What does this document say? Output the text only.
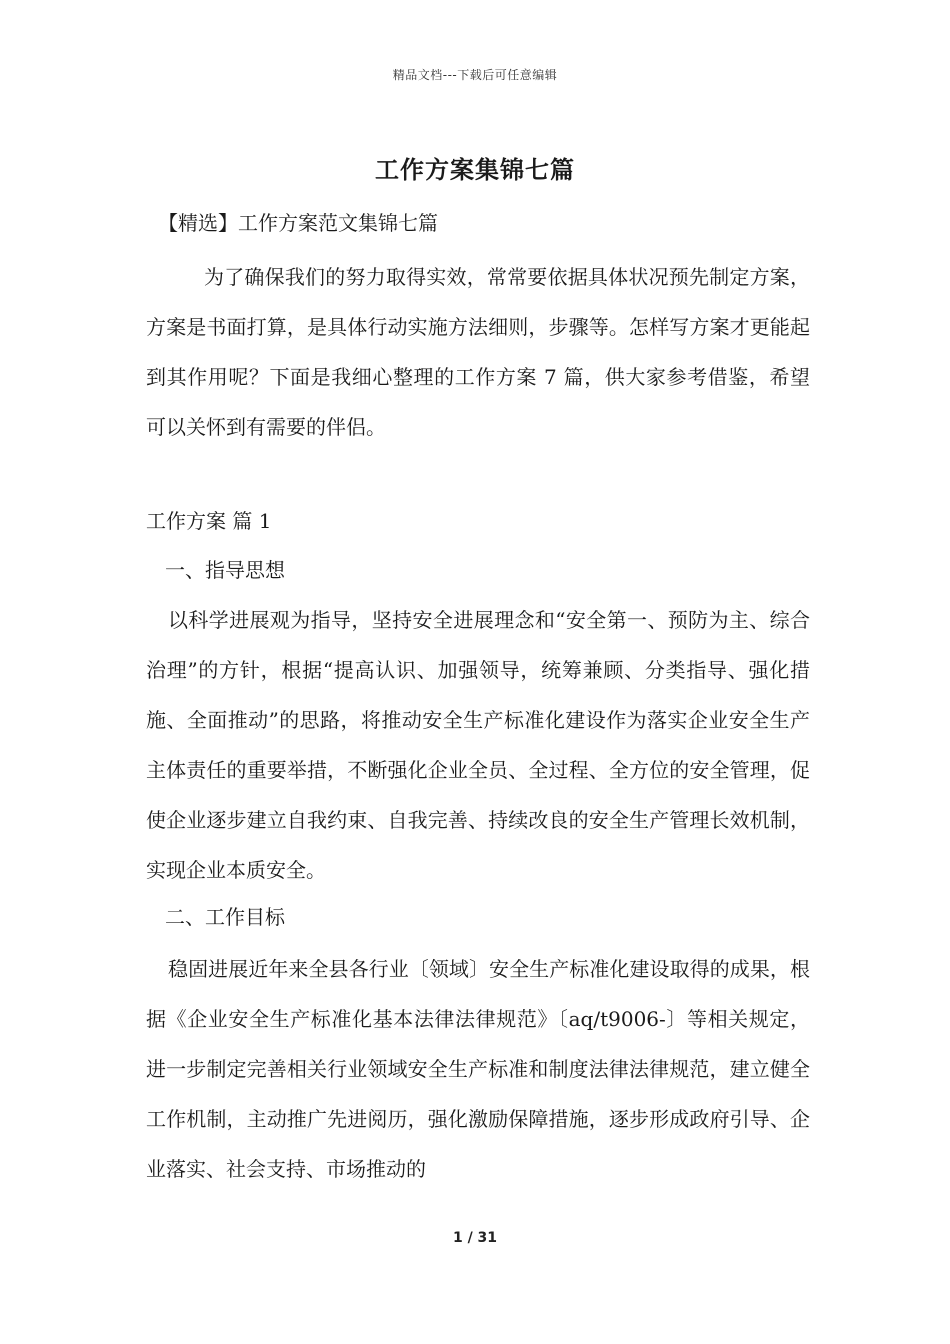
精品文档---下载后可任意编辑
工作方案集锦七篇
【精选】工作方案范文集锦七篇

为了确保我们的努力取得实效，常常要依据具体状况预先制定方案，方案是书面打算，是具体行动实施方法细则，步骤等。怎样写方案才更能起到其作用呢？下面是我细心整理的工作方案 7 篇，供大家参考借鉴，希望可以关怀到有需要的伴侣。

工作方案 篇 1
一、指导思想

以科学进展观为指导，坚持安全进展理念和“安全第一、预防为主、综合治理”的方针，根据“提高认识、加强领导，统筹兼顾、分类指导、强化措施、全面推动”的思路，将推动安全生产标准化建设作为落实企业安全生产主体责任的重要举措，不断强化企业全员、全过程、全方位的安全管理，促使企业逐步建立自我约束、自我完善、持续改良的安全生产管理长效机制，实现企业本质安全。

二、工作目标

稳固进展近年来全县各行业〔领域〕安全生产标准化建设取得的成果，根据《企业安全生产标准化基本法律法律规范》〔aq/t9006-〕等相关规定，进一步制定完善相关行业领域安全生产标准和制度法律法律规范，建立健全工作机制，主动推广先进阅历，强化激励保障措施，逐步形成政府引导、企业落实、社会支持、市场推动的

1 / 31
